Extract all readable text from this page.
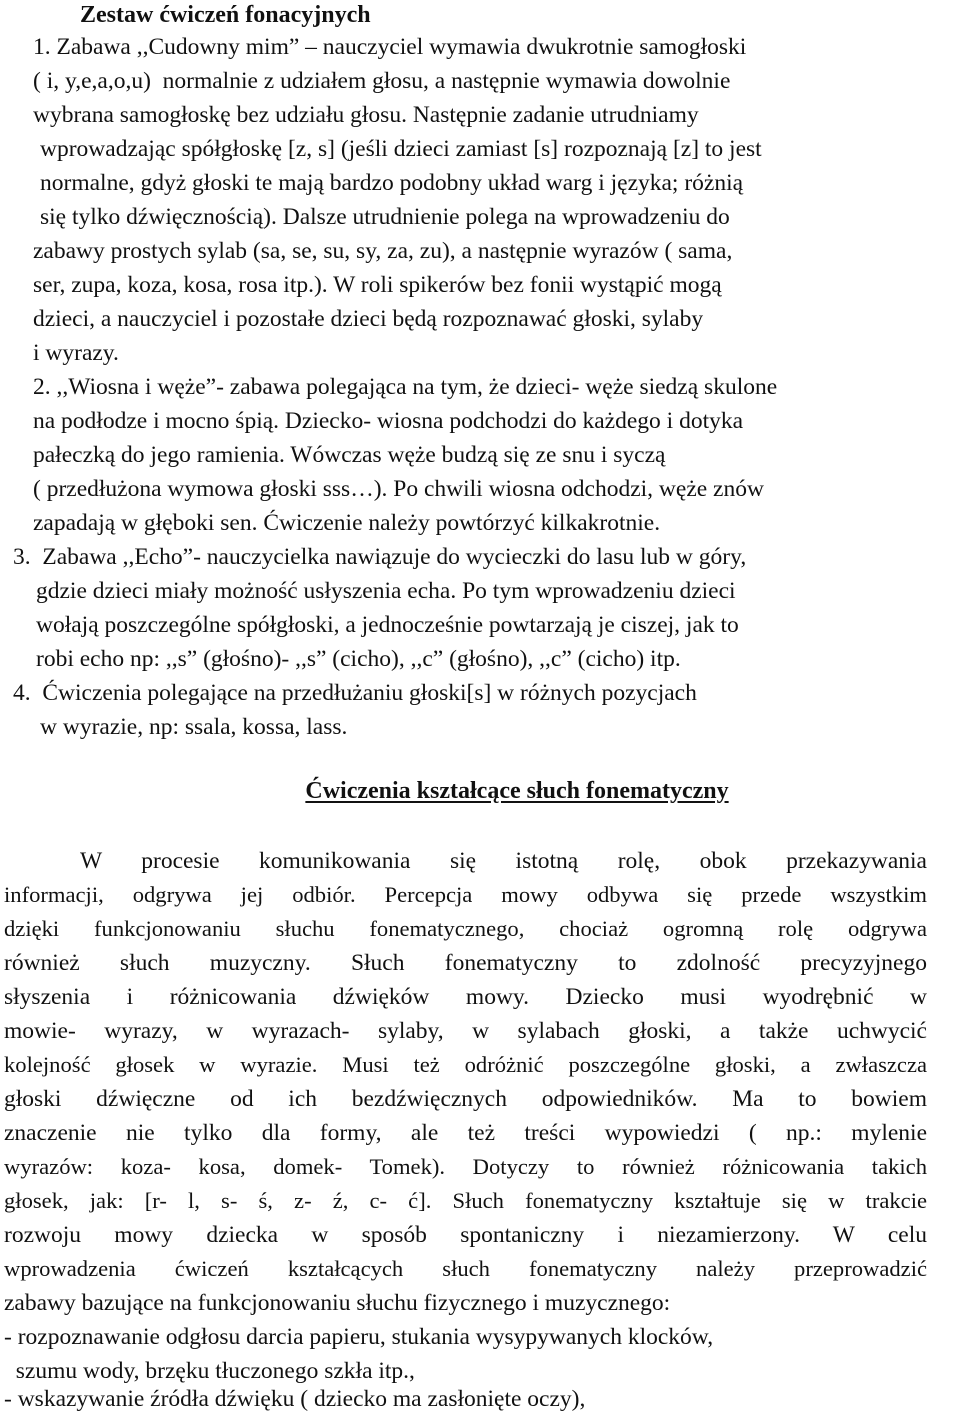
Zestaw ćwiczeń fonacyjnych

1. Zabawa ,,Cudowny mim” – nauczyciel wymawia dwukrotnie samogłoski

( i, y,e,a,o,u)  normalnie z udziałem głosu, a następnie wymawia dowolnie

wybrana samogłoskę bez udziału głosu. Następnie zadanie utrudniamy

wprowadzając spółgłoskę [z, s] (jeśli dzieci zamiast [s] rozpoznają [z] to jest

normalne, gdyż głoski te mają bardzo podobny układ warg i języka; różnią

się tylko dźwięcznością). Dalsze utrudnienie polega na wprowadzeniu do

zabawy prostych sylab (sa, se, su, sy, za, zu), a następnie wyrazów ( sama,

ser, zupa, koza, kosa, rosa itp.). W roli spikerów bez fonii wystąpić mogą

dzieci, a nauczyciel i pozostałe dzieci będą rozpoznawać głoski, sylaby

i wyrazy.

2. ,,Wiosna i węże”- zabawa polegająca na tym, że dzieci- węże siedzą skulone

na podłodze i mocno śpią. Dziecko- wiosna podchodzi do każdego i dotyka

pałeczką do jego ramienia. Wówczas węże budzą się ze snu i syczą

( przedłużona wymowa głoski sss…). Po chwili wiosna odchodzi, węże znów

zapadają w głęboki sen. Ćwiczenie należy powtórzyć kilkakrotnie.

3.  Zabawa ,,Echo”- nauczycielka nawiązuje do wycieczki do lasu lub w góry,

gdzie dzieci miały możność usłyszenia echa. Po tym wprowadzeniu dzieci

wołają poszczególne spółgłoski, a jednocześnie powtarzają je ciszej, jak to

robi echo np: ,,s” (głośno)- ,,s” (cicho), ,,c” (głośno), ,,c” (cicho) itp.

4.  Ćwiczenia polegające na przedłużaniu głoski[s] w różnych pozycjach

w wyrazie, np: ssala, kossa, lass.

Ćwiczenia kształcące słuch fonematyczny

W procesie komunikowania się istotną rolę, obok przekazywania

informacji, odgrywa jej odbiór. Percepcja mowy odbywa się przede wszystkim

dzięki funkcjonowaniu słuchu fonematycznego, chociaż ogromną rolę odgrywa

również słuch muzyczny. Słuch fonematyczny to zdolność precyzyjnego

słyszenia i różnicowania dźwięków mowy. Dziecko musi wyodrębnić w

mowie- wyrazy, w wyrazach- sylaby, w sylabach głoski, a także uchwycić

kolejność głosek w wyrazie. Musi też odróżnić poszczególne głoski, a zwłaszcza

głoski dźwięczne od ich bezdźwięcznych odpowiedników. Ma to bowiem

znaczenie nie tylko dla formy, ale też treści wypowiedzi ( np.: mylenie

wyrazów: koza- kosa, domek- Tomek). Dotyczy to również różnicowania takich

głosek, jak: [r- l, s- ś, z- ź, c- ć]. Słuch fonematyczny kształtuje się w trakcie

rozwoju mowy dziecka w sposób spontaniczny i niezamierzony. W celu

wprowadzenia ćwiczeń kształcących słuch fonematyczny należy przeprowadzić

zabawy bazujące na funkcjonowaniu słuchu fizycznego i muzycznego:

- rozpoznawanie odgłosu darcia papieru, stukania wysypywanych klocków,

szumu wody, brzęku tłuczonego szkła itp.,

- wskazywanie źródła dźwięku ( dziecko ma zasłonięte oczy),
